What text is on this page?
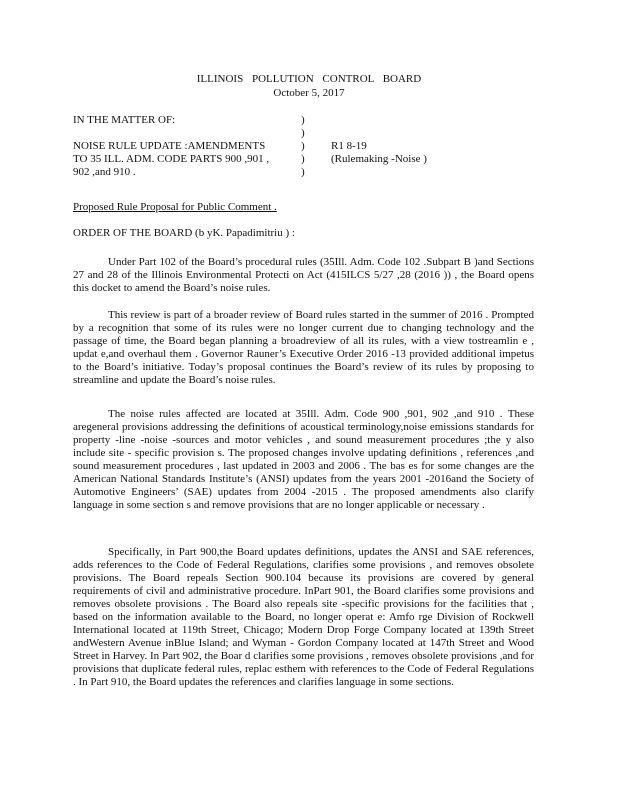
ILLINOIS POLLUTION CONTROL BOARD
October 5, 2017
IN THE MATTER OF:
NOISE RULE UPDATE :AMENDMENTS
TO 35 ILL. ADM. CODE PARTS 900 ,901 ,
902 ,and 910 .
)
)
)
)
)
R1 8-19
(Rulemaking -Noise )
Proposed Rule Proposal for Public Comment .
ORDER OF THE BOARD (b yK. Papadimitriu ) :

Under Part 102 of the Board’s procedural rules (35Ill. Adm. Code 102 .Subpart B )and Sections 27 and 28 of the Illinois Environmental Protecti on Act (415ILCS 5/27 ,28 (2016 )) , the Board opens this docket to amend the Board’s noise rules.

This review is part of a broader review of Board rules started in the summer of 2016 . Prompted by a recognition that some of its rules were no longer current due to changing technology and the passage of time, the Board began planning a broadreview of all its rules, with a view tostreamlin e , updat e,and overhaul them . Governor Rauner’s Executive Order 2016 -13 provided additional impetus to the Board’s initiative. Today’s proposal continues the Board’s review of its rules by proposing to streamline and update the Board’s noise rules.

The noise rules affected are located at 35Ill. Adm. Code 900 ,901, 902 ,and 910 . These aregeneral provisions addressing the definitions of acoustical terminology,noise emissions standards for property -line -noise -sources and motor vehicles , and sound measurement procedures ;the y also include site - specific provision s. The proposed changes involve updating definitions , references ,and sound measurement procedures , last updated in 2003 and 2006 . The bas es for some changes are the American National Standards Institute’s (ANSI) updates from the years 2001 -2016and the Society of Automotive Engineers’ (SAE) updates from 2004 -2015 . The proposed amendments also clarify language in some section s and remove provisions that are no longer applicable or necessary .

Specifically, in Part 900,the Board updates definitions, updates the ANSI and SAE references, adds references to the Code of Federal Regulations, clarifies some provisions , and removes obsolete provisions. The Board repeals Section 900.104 because its provisions are covered by general requirements of civil and administrative procedure. InPart 901, the Board clarifies some provisions and removes obsolete provisions . The Board also repeals site -specific provisions for the facilities that , based on the information available to the Board, no longer operat e: Amfo rge Division of Rockwell International located at 119th Street, Chicago; Modern Drop Forge Company located at 139th Street andWestern Avenue inBlue Island; and Wyman - Gordon Company located at 147th Street and Wood Street in Harvey. In Part 902, the Boar d clarifies some provisions , removes obsolete provisions ,and for provisions that duplicate federal rules, replac esthem with references to the Code of Federal Regulations . In Part 910, the Board updates the references and clarifies language in some sections.
